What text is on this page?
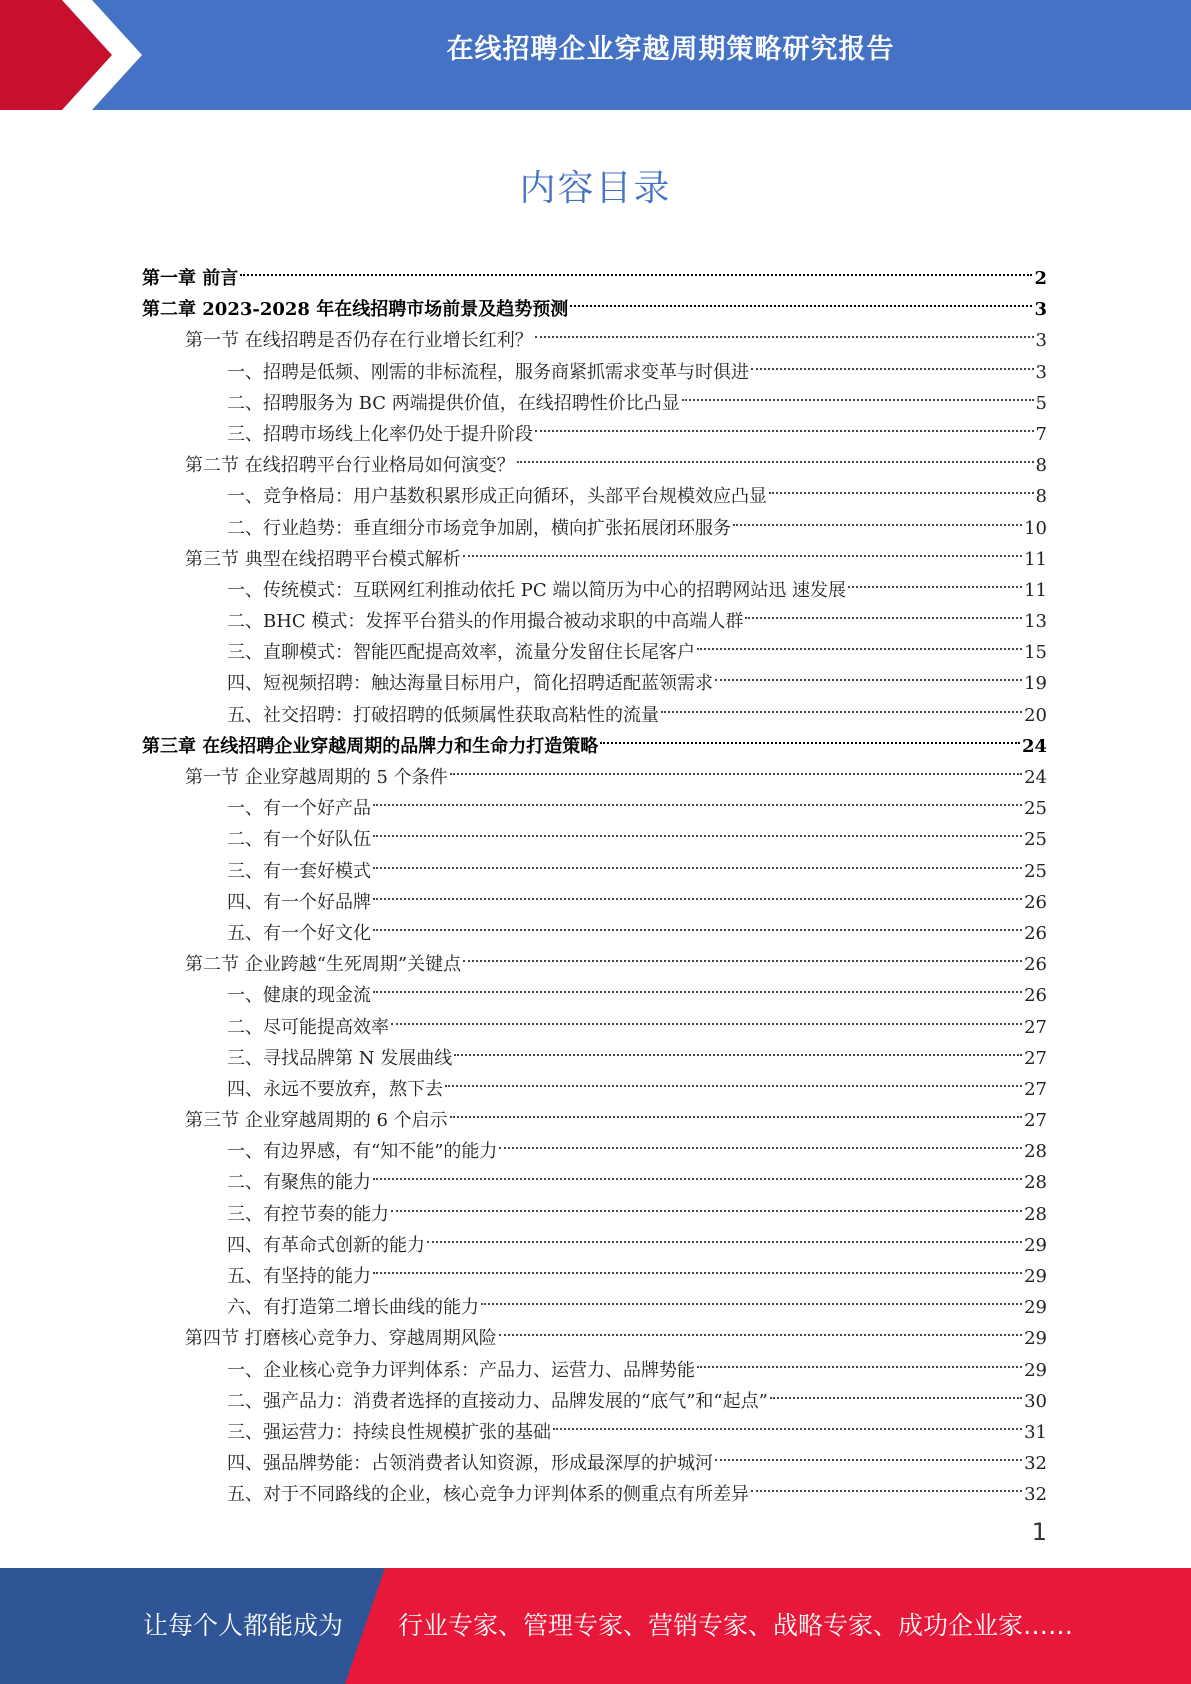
在线招聘企业穿越周期策略研究报告
内容目录
第一章 前言	2
第二章 2023-2028 年在线招聘市场前景及趋势预测	3
第一节 在线招聘是否仍存在行业增长红利？	3
一、招聘是低频、刚需的非标流程，服务商紧抓需求变革与时俱进	3
二、招聘服务为 BC 两端提供价值，在线招聘性价比凸显	5
三、招聘市场线上化率仍处于提升阶段	7
第二节 在线招聘平台行业格局如何演变？	8
一、竞争格局：用户基数积累形成正向循环，头部平台规模效应凸显	8
二、行业趋势：垂直细分市场竞争加剧，横向扩张拓展闭环服务	10
第三节 典型在线招聘平台模式解析	11
一、传统模式：互联网红利推动依托 PC 端以简历为中心的招聘网站迅 速发展	11
二、BHC 模式：发挥平台猎头的作用撮合被动求职的中高端人群	13
三、直聊模式：智能匹配提高效率，流量分发留住长尾客户	15
四、短视频招聘：触达海量目标用户，简化招聘适配蓝领需求	19
五、社交招聘：打破招聘的低频属性获取高粘性的流量	20
第三章 在线招聘企业穿越周期的品牌力和生命力打造策略	24
第一节 企业穿越周期的 5 个条件	24
一、有一个好产品	25
二、有一个好队伍	25
三、有一套好模式	25
四、有一个好品牌	26
五、有一个好文化	26
第二节 企业跨越“生死周期”关键点	26
一、健康的现金流	26
二、尽可能提高效率	27
三、寻找品牌第 N 发展曲线	27
四、永远不要放弃，熬下去	27
第三节 企业穿越周期的 6 个启示	27
一、有边界感，有“知不能”的能力	28
二、有聚焦的能力	28
三、有控节奏的能力	28
四、有革命式创新的能力	29
五、有坚持的能力	29
六、有打造第二增长曲线的能力	29
第四节 打磨核心竞争力、穿越周期风险	29
一、企业核心竞争力评判体系：产品力、运营力、品牌势能	29
二、强产品力：消费者选择的直接动力、品牌发展的“底气”和“起点”	30
三、强运营力：持续良性规模扩张的基础	31
四、强品牌势能：占领消费者认知资源，形成最深厚的护城河	32
五、对于不同路线的企业，核心竞争力评判体系的侧重点有所差异	32
1
让每个人都能成为 行业专家、管理专家、营销专家、战略专家、成功企业家……
